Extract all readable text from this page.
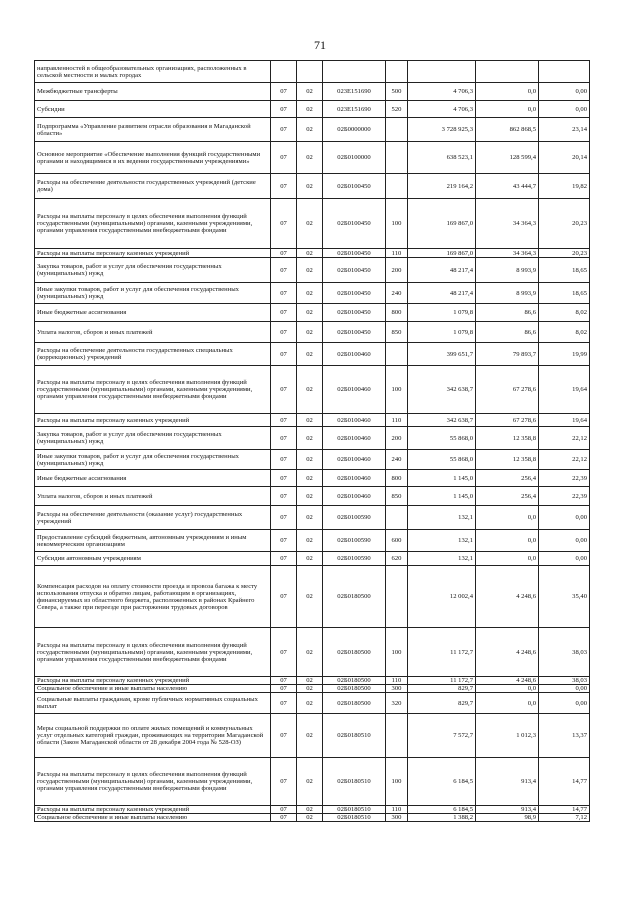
71
направленностей в общеобразовательных организациях, расположенных в сельской местности и малых городах							
Межбюджетные трансферты	07	02	023E151690	500	4 706,3	0,0	0,00
Субсидии	07	02	023E151690	520	4 706,3	0,0	0,00
Подпрограмма «Управление развитием отрасли образования в Магаданской области»	07	02	02Б0000000		3 728 925,3	862 868,5	23,14
Основное мероприятие «Обеспечение выполнения функций государственными органами и находящимися в их ведении государственными учреждениями»	07	02	02Б0100000		638 523,1	128 599,4	20,14
Расходы на обеспечение деятельности государственных учреждений (детские дома)	07	02	02Б0100450		219 164,2	43 444,7	19,82
Расходы на выплаты персоналу в целях обеспечения выполнения функций государственными (муниципальными) органами, казенными учреждениями, органами управления государственными внебюджетными фондами	07	02	02Б0100450	100	169 867,0	34 364,3	20,23
Расходы на выплаты персоналу казенных учреждений	07	02	02Б0100450	110	169 867,0	34 364,3	20,23
Закупка товаров, работ и услуг для обеспечения государственных (муниципальных) нужд	07	02	02Б0100450	200	48 217,4	8 993,9	18,65
Иные закупки товаров, работ и услуг для обеспечения государственных (муниципальных) нужд	07	02	02Б0100450	240	48 217,4	8 993,9	18,65
Иные бюджетные ассигнования	07	02	02Б0100450	800	1 079,8	86,6	8,02
Уплата налогов, сборов и иных платежей	07	02	02Б0100450	850	1 079,8	86,6	8,02
Расходы на обеспечение деятельности государственных специальных (коррекционных) учреждений	07	02	02Б0100460		399 651,7	79 893,7	19,99
Расходы на выплаты персоналу в целях обеспечения выполнения функций государственными (муниципальными) органами, казенными учреждениями, органами управления государственными внебюджетными фондами	07	02	02Б0100460	100	342 638,7	67 278,6	19,64
Расходы на выплаты персоналу казенных учреждений	07	02	02Б0100460	110	342 638,7	67 278,6	19,64
Закупка товаров, работ и услуг для обеспечения государственных (муниципальных) нужд	07	02	02Б0100460	200	55 868,0	12 358,8	22,12
Иные закупки товаров, работ и услуг для обеспечения государственных (муниципальных) нужд	07	02	02Б0100460	240	55 868,0	12 358,8	22,12
Иные бюджетные ассигнования	07	02	02Б0100460	800	1 145,0	256,4	22,39
Уплата налогов, сборов и иных платежей	07	02	02Б0100460	850	1 145,0	256,4	22,39
Расходы на обеспечение деятельности (оказание услуг) государственных учреждений	07	02	02Б0100590		132,1	0,0	0,00
Предоставление субсидий бюджетным, автономным учреждениям и иным некоммерческим организациям	07	02	02Б0100590	600	132,1	0,0	0,00
Субсидии автономным учреждениям	07	02	02Б0100590	620	132,1	0,0	0,00
Компенсация расходов на оплату стоимости проезда и провоза багажа к месту использования отпуска и обратно лицам, работающим в организациях, финансируемых из областного бюджета, расположенных в районах Крайнего Севера, а также при переезде при расторжении трудовых договоров	07	02	02Б0180500		12 002,4	4 248,6	35,40
Расходы на выплаты персоналу в целях обеспечения выполнения функций государственными (муниципальными) органами, казенными учреждениями, органами управления государственными внебюджетными фондами	07	02	02Б0180500	100	11 172,7	4 248,6	38,03
Расходы на выплаты персоналу казенных учреждений	07	02	02Б0180500	110	11 172,7	4 248,6	38,03
Социальное обеспечение и иные выплаты населению	07	02	02Б0180500	300	829,7	0,0	0,00
Социальные выплаты гражданам, кроме публичных нормативных социальных выплат	07	02	02Б0180500	320	829,7	0,0	0,00
Меры социальной поддержки по оплате жилых помещений и коммунальных услуг отдельных категорий граждан, проживающих на территории Магаданской области (Закон Магаданской области от 28 декабря 2004 года № 528-ОЗ)	07	02	02Б0180510		7 572,7	1 012,3	13,37
Расходы на выплаты персоналу в целях обеспечения выполнения функций государственными (муниципальными) органами, казенными учреждениями, органами управления государственными внебюджетными фондами	07	02	02Б0180510	100	6 184,5	913,4	14,77
Расходы на выплаты персоналу казенных учреждений	07	02	02Б0180510	110	6 184,5	913,4	14,77
Социальное обеспечение и иные выплаты населению	07	02	02Б0180510	300	1 388,2	98,9	7,12
